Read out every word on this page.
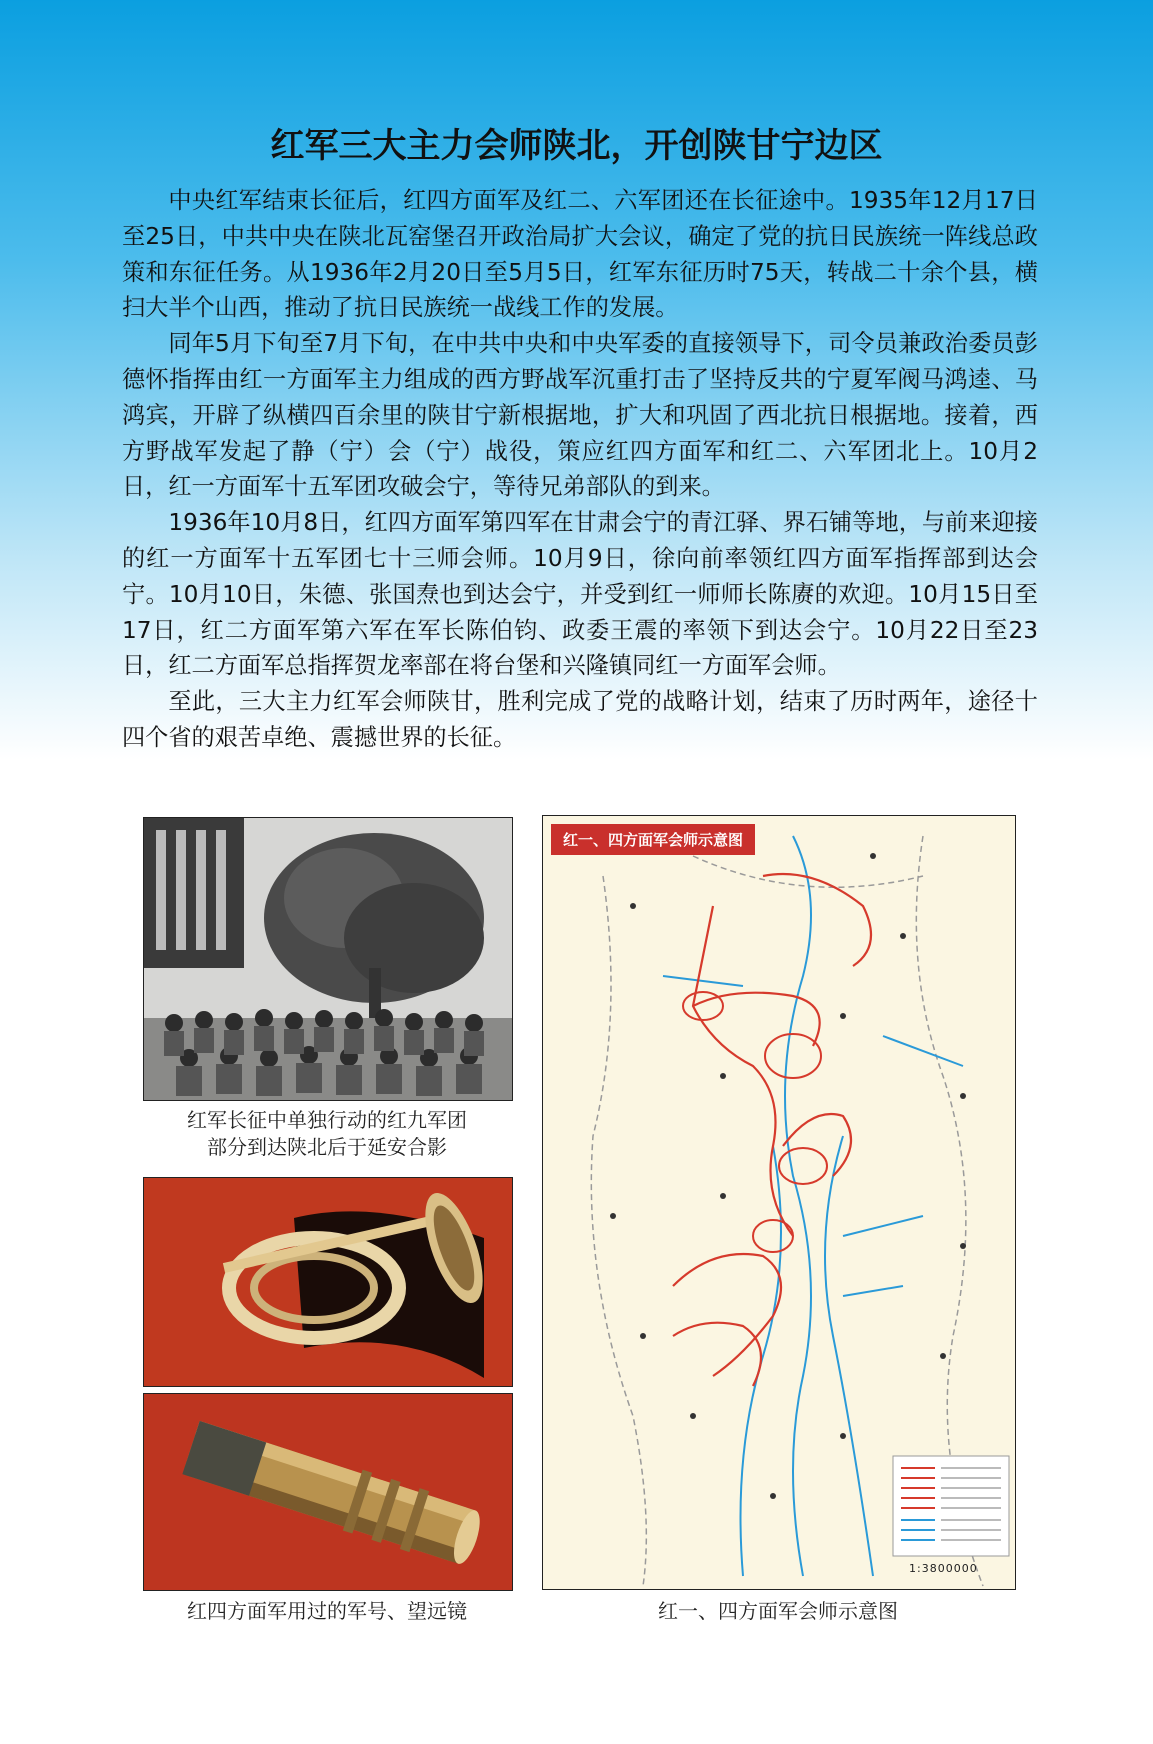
红军三大主力会师陕北，开创陕甘宁边区

中央红军结束长征后，红四方面军及红二、六军团还在长征途中。1935年12月17日至25日，中共中央在陕北瓦窑堡召开政治局扩大会议，确定了党的抗日民族统一阵线总政策和东征任务。从1936年2月20日至5月5日，红军东征历时75天，转战二十余个县，横扫大半个山西，推动了抗日民族统一战线工作的发展。

同年5月下旬至7月下旬，在中共中央和中央军委的直接领导下，司令员兼政治委员彭德怀指挥由红一方面军主力组成的西方野战军沉重打击了坚持反共的宁夏军阀马鸿逵、马鸿宾，开辟了纵横四百余里的陕甘宁新根据地，扩大和巩固了西北抗日根据地。接着，西方野战军发起了静（宁）会（宁）战役，策应红四方面军和红二、六军团北上。10月2日，红一方面军十五军团攻破会宁，等待兄弟部队的到来。

1936年10月8日，红四方面军第四军在甘肃会宁的青江驿、界石铺等地，与前来迎接的红一方面军十五军团七十三师会师。10月9日，徐向前率领红四方面军指挥部到达会宁。10月10日，朱德、张国焘也到达会宁，并受到红一师师长陈赓的欢迎。10月15日至17日，红二方面军第六军在军长陈伯钧、政委王震的率领下到达会宁。10月22日至23日，红二方面军总指挥贺龙率部在将台堡和兴隆镇同红一方面军会师。

至此，三大主力红军会师陕甘，胜利完成了党的战略计划，结束了历时两年，途径十四个省的艰苦卓绝、震撼世界的长征。

红军长征中单独行动的红九军团
部分到达陕北后于延安合影
红四方面军用过的军号、望远镜
红一、四方面军会师示意图
1:3800000
红一、四方面军会师示意图
